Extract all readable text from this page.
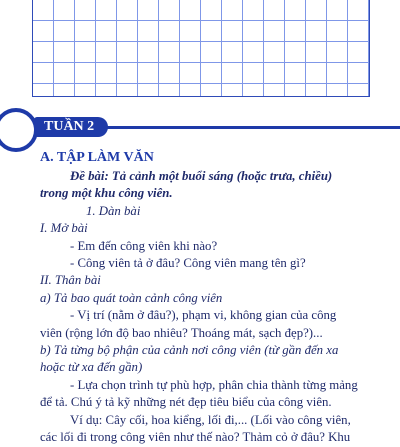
TUẦN 2
A. TẬP LÀM VĂN
Đề bài: Tả cảnh một buổi sáng (hoặc trưa, chiều)
trong một khu công viên.
1. Dàn bài
I. Mở bài
- Em đến công viên khi nào?
- Công viên tả ở đâu? Công viên mang tên gì?
II. Thân bài
a) Tả bao quát toàn cảnh công viên
- Vị trí (nằm ở đâu?), phạm vi, không gian của công
viên (rộng lớn độ bao nhiêu? Thoáng mát, sạch đẹp?)...
b) Tả từng bộ phận của cảnh nơi công viên (từ gần đến xa
hoặc từ xa đến gần)
- Lựa chọn trình tự phù hợp, phân chia thành từng mảng
để tả. Chú ý tả kỹ những nét đẹp tiêu biểu của công viên.
Ví dụ: Cây cối, hoa kiểng, lối đi,... (Lối vào công viên,
các lối đi trong công viên như thế nào? Thảm cỏ ở đâu? Khu
